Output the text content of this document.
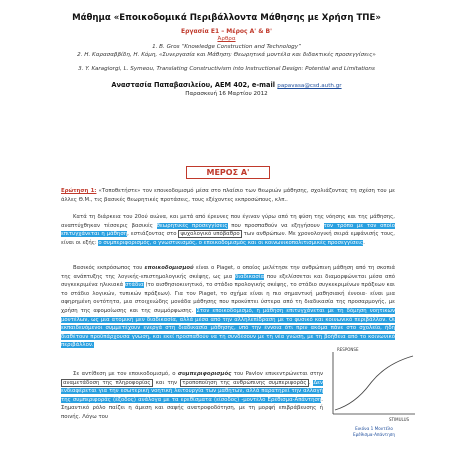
Μάθημα «Εποικοδομικά Περιβάλλοντα Μάθησης με Χρήση ΤΠΕ»
Εργασία Ε1 – Μέρος Α' & Β'
Άρθρα
1. B. Gros “Knowledge Construction and Technology”
2. Η. Καρασαββίδη, Η. Κόμη, «Συνεργασία και Μάθηση: Θεωρητικά μοντέλα και διδακτικές προσεγγίσεις»
3. Y. Karagiorgi, L. Symeou, Translating Constructivism into Instructional Design: Potential and Limitations
Αναστασία Παπαβασιλείου, ΑΕΜ 402, e-mail papavasa@csd.auth.gr
Παρασκευή 16 Μαρτίου 2012
ΜΕΡΟΣ Α'
Ερώτηση 1: «Τοποθετήστε» τον εποικοδομισμό μέσα στο πλαίσιο των θεωριών μάθησης, σχολιάζοντας τη σχέση του με άλλες Θ.Μ., τις βασικές θεωρητικές προτάσεις, τους εξέχοντες εκπροσώπους, κλπ..
Κατά τη διάρκεια του 20ού αιώνα, και μετά από έρευνες που έγιναν γύρω από τη φύση της νόησης και της μάθησης, αναπτύχθηκαν τέσσερις βασικές θεωρητικές προσεγγίσεις που προσπαθούν να εξηγήσουν τον τρόπο με τον οποίο επιτυγχάνεται η μάθηση, εστιάζοντας στο ψυχολογικό υπόβαθρο των ανθρώπων. Με χρονολογική σειρά εμφάνισής τους, είναι οι εξής: ο συμπεριφορισμός, ο γνωστικισμός, ο εποικοδομισμός και οι κοινωνικοπολιτισμικές προσεγγίσεις.
Βασικός εκπρόσωπος του εποικοδομισμού είναι ο Piaget, ο οποίος μελέτησε την ανθρώπινη μάθηση από τη σκοπιά της ανάπτυξης της λογικής-επιστημολογικής σκέψης, ως μια διαδικασία που εξελίσσεται και διαμορφώνεται μέσα από συγκεκριμένα ηλικιακά στάδια (το αισθησιοκινητικό, το στάδιο προλογικής σκέψης, το στάδιο συγκεκριμένων πράξεων και το στάδιο λογικών, τυπικών πράξεων). Για τον Piaget, το σχήμα είναι η πιο σημαντική μαθησιακή έννοια· είναι μια αφηρημένη οντότητα, μια στοιχειώδης μονάδα μάθησης που προκύπτει ύστερα από τη διαδικασία της προσαρμογής, με χρήση της αφομοίωσης και της συμμόρφωσης. Στον εποικοδομισμό, η μάθηση επιτυγχάνεται με τη δόμηση νοητικών μοντέλων, ως μια ατομική μεν διαδικασία, αλλά μέσα από την αλληλεπίδραση με το φυσικό και κοινωνικό περιβάλλον. Οι εκπαιδευόμενοι συμμετέχουν ενεργά στη διαδικασία μάθησης, υπό την έννοια ότι πριν ακόμα πάνε στο σχολείο, ήδη διαθέτουν προϋπάρχουσα γνώση, και εκεί προσπαθούν να τη συνδέσουν με τη νέα γνώση, με τη βοήθεια από το κοινωνικό περιβάλλον.
Σε αντίθεση με τον εποικοδομισμό, ο συμπεριφορισμός του Pavlov επικεντρώνεται στην αναμετάδοση της πληροφορίας και την τροποποίηση της ανθρώπινης συμπεριφοράς . Δεν ενδιαφέρεται για την εσωτερική νοητική λειτουργία των μαθητών, αλλά παρατηρεί την αλλαγή της συμπεριφοράς (έξοδος) ανάλογα με τα ερεθίσματα (είσοδος) -μοντέλο Ερέθισμα-Απάντηση. Σημαντικό ρόλο παίζει η άμεση και σαφής ανατροφοδότηση, με τη μορφή επιβράβευσης ή ποινής. Λόγω του
RESPONSE
STIMULUS
Εικόνα 1 Μοντέλο
Ερέθισμα-Απάντηση
